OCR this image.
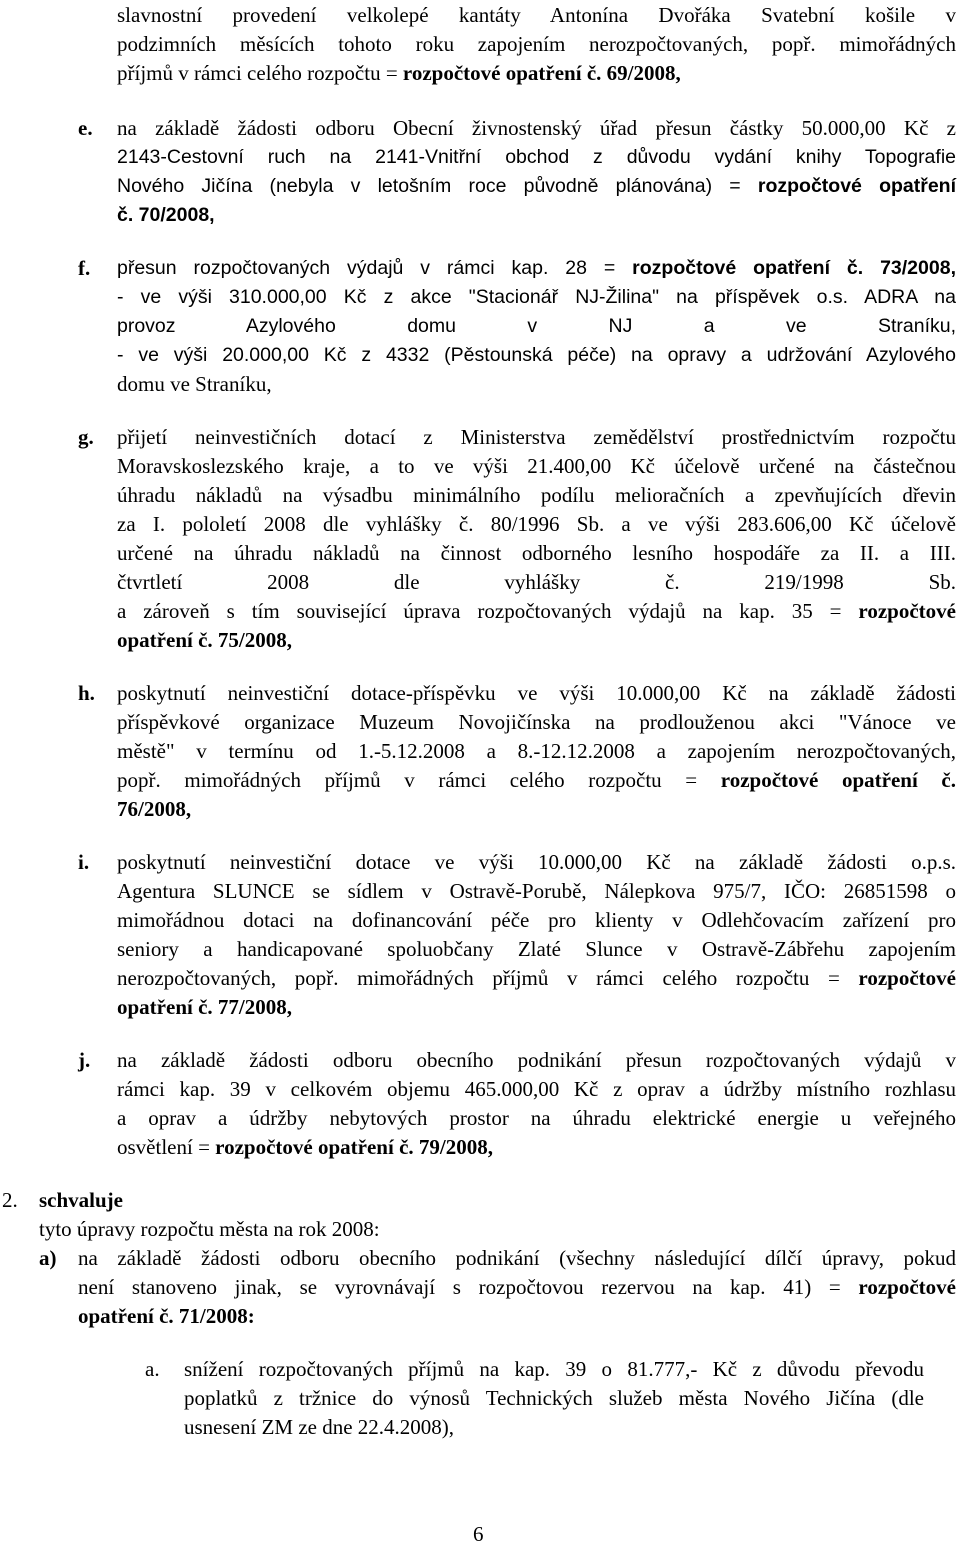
slavnostní provedení velkolepé kantáty Antonína Dvořáka Svatební košile v
podzimních měsících tohoto roku zapojením nerozpočtovaných, popř. mimořádných
příjmů v rámci celého rozpočtu = rozpočtové opatření č. 69/2008,
e. na základě žádosti odboru Obecní živnostenský úřad přesun částky 50.000,00 Kč z
2143-Cestovní ruch na 2141-Vnitřní obchod z důvodu vydání knihy Topografie
Nového Jičína (nebyla v letošním roce původně plánována) = rozpočtové opatření
č. 70/2008,
f. přesun rozpočtovaných výdajů v rámci kap. 28 = rozpočtové opatření č. 73/2008,
- ve výši 310.000,00 Kč z akce "Stacionář NJ-Žilina" na příspěvek o.s. ADRA na
provoz Azylového domu v NJ a ve Straníku,
- ve výši 20.000,00 Kč z 4332 (Pěstounská péče) na opravy a udržování Azylového
domu ve Straníku,
g. přijetí neinvestičních dotací z Ministerstva zemědělství prostřednictvím rozpočtu
Moravskoslezského kraje, a to ve výši 21.400,00 Kč účelově určené na částečnou
úhradu nákladů na výsadbu minimálního podílu melioračních a zpevňujících dřevin
za I. pololetí 2008 dle vyhlášky č. 80/1996 Sb. a ve výši 283.606,00 Kč účelově
určené na úhradu nákladů na činnost odborného lesního hospodáře za II. a III.
čtvrtletí 2008 dle vyhlášky č. 219/1998 Sb.
a zároveň s tím související úprava rozpočtovaných výdajů na kap. 35 = rozpočtové
opatření č. 75/2008,
h. poskytnutí neinvestiční dotace-příspěvku ve výši 10.000,00 Kč na základě žádosti
příspěvkové organizace Muzeum Novojičínska na prodlouženou akci "Vánoce ve
městě" v termínu od 1.-5.12.2008 a 8.-12.12.2008 a zapojením nerozpočtovaných,
popř. mimořádných příjmů v rámci celého rozpočtu = rozpočtové opatření č.
76/2008,
i. poskytnutí neinvestiční dotace ve výši 10.000,00 Kč na základě žádosti o.p.s.
Agentura SLUNCE se sídlem v Ostravě-Porubě, Nálepkova 975/7, IČO: 26851598 o
mimořádnou dotaci na dofinancování péče pro klienty v Odlehčovacím zařízení pro
seniory a handicapované spoluobčany Zlaté Slunce v Ostravě-Zábřehu zapojením
nerozpočtovaných, popř. mimořádných příjmů v rámci celého rozpočtu = rozpočtové
opatření č. 77/2008,
j. na základě žádosti odboru obecního podnikání přesun rozpočtovaných výdajů v
rámci kap. 39 v celkovém objemu 465.000,00 Kč z oprav a údržby místního rozhlasu
a oprav a údržby nebytových prostor na úhradu elektrické energie u veřejného
osvětlení = rozpočtové opatření č. 79/2008,
2. schvaluje
tyto úpravy rozpočtu města na rok 2008:
a) na základě žádosti odboru obecního podnikání (všechny následující dílčí úpravy, pokud
není stanoveno jinak, se vyrovnávají s rozpočtovou rezervou na kap. 41) = rozpočtové
opatření č. 71/2008:
a. snížení rozpočtovaných příjmů na kap. 39 o 81.777,- Kč z důvodu převodu
poplatků z tržnice do výnosů Technických služeb města Nového Jičína (dle
usnesení ZM ze dne 22.4.2008),
6
